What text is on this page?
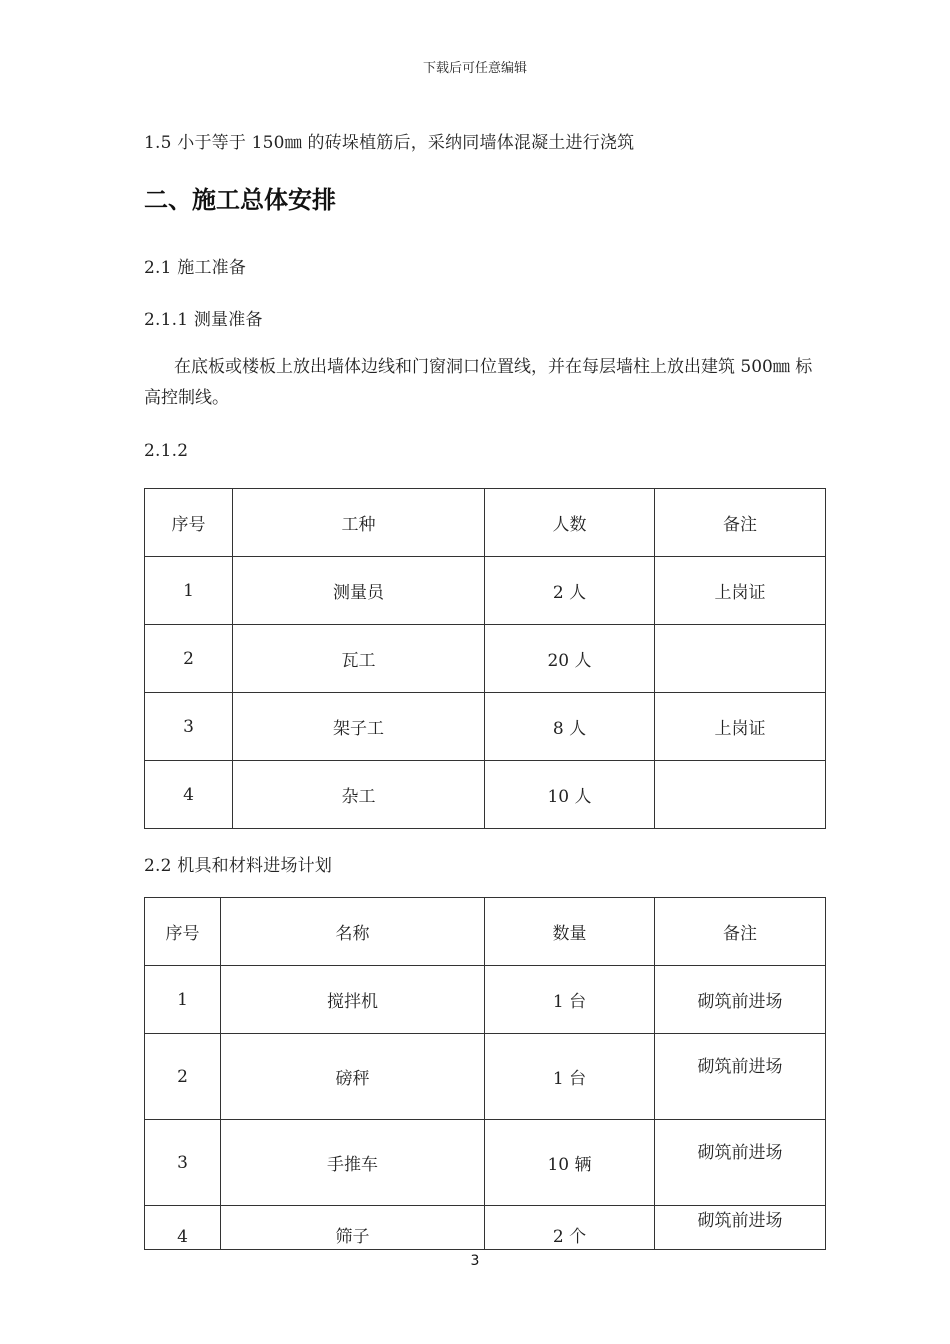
下载后可任意编辑
1.5 小于等于 150㎜ 的砖垛植筋后，采纳同墙体混凝土进行浇筑
二、施工总体安排
2.1 施工准备
2.1.1 测量准备
在底板或楼板上放出墙体边线和门窗洞口位置线，并在每层墙柱上放出建筑 500㎜ 标高控制线。
2.1.2
序号	工种	人数	备注
1	测量员	2 人	上岗证
2	瓦工	20 人	
3	架子工	8 人	上岗证
4	杂工	10 人	
2.2 机具和材料进场计划
序号	名称	数量	备注
1	搅拌机	1 台	砌筑前进场
2	磅秤	1 台	砌筑前进场
3	手推车	10 辆	砌筑前进场
4	筛子	2 个	砌筑前进场
3
